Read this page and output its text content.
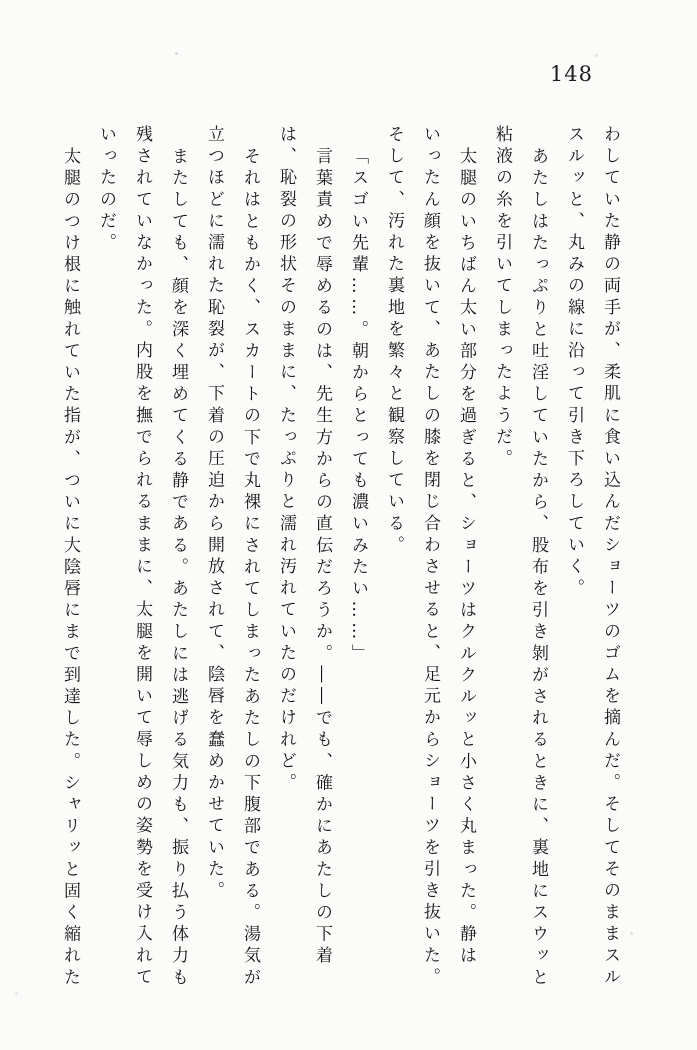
148

わしていた静の両手が、柔肌に食い込んだショーツのゴムを摘んだ。そしてそのままスルスルッと、丸みの線に沿って引き下ろしていく。

あたしはたっぷりと吐淫していたから、股布を引き剝がされるときに、裏地にスウッと粘液の糸を引いてしまったようだ。

太腿のいちばん太い部分を過ぎると、ショーツはクルクルッと小さく丸まった。静はいったん顔を抜いて、あたしの膝を閉じ合わさせると、足元からショーツを引き抜いた。そして、汚れた裏地を繁々と観察している。

「スゴい先輩……。朝からとっても濃いみたい……」

言葉責めで辱めるのは、先生方からの直伝だろうか。――でも、確かにあたしの下着は、恥裂の形状そのままに、たっぷりと濡れ汚れていたのだけれど。

それはともかく、スカートの下で丸裸にされてしまったあたしの下腹部である。湯気が立つほどに濡れた恥裂が、下着の圧迫から開放されて、陰唇を蠢めかせていた。

またしても、顔を深く埋めてくる静である。あたしには逃げる気力も、振り払う体力も残されていなかった。内股を撫でられるままに、太腿を開いて辱しめの姿勢を受け入れていったのだ。

太腿のつけ根に触れていた指が、ついに大陰唇にまで到達した。シャリッと固く縮れた
